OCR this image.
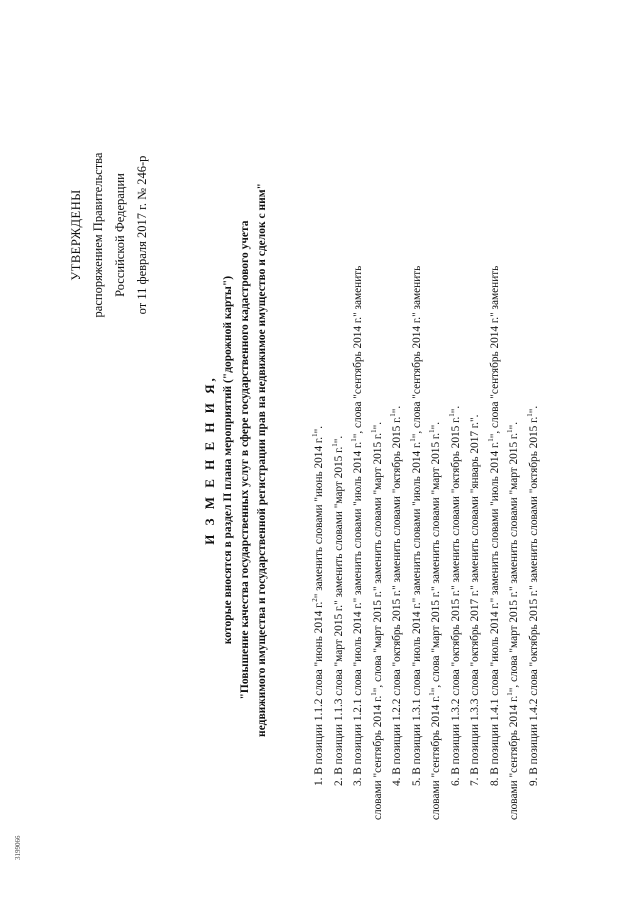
УТВЕРЖДЕНЫ распоряжением Правительства Российской Федерации от 11 февраля 2017 г. № 246-р
И З М Е Н Е Н И Я, которые вносятся в раздел II плана мероприятий ("дорожной карты") "Повышение качества государственных услуг в сфере государственного кадастрового учета недвижимого имущества и государственной регистрации прав на недвижимое имущество и сделок с ним"	1. В позиции 1.1.2 слова "июнь 2014 г.$^2$" заменить словами "июнь 2014 г.$^1$".
2. В позиции 1.1.3 слова "март 2015 г." заменить словами "март 2015 г.$^1$".
3. В позиции 1.2.1 слова "июль 2014 г." заменить словами "июль 2014 г.$^1$", слова "сентябрь 2014 г." заменить
словами "сентябрь 2014 г.$^1$", слова "март 2015 г." заменить словами "март 2015 г.$^1$". 4. В позиции 1.2.2 слова "октябрь 2015 г." заменить словами "октябрь 2015 г.$^1$".
5. В позиции 1.3.1 слова "июль 2014 г." заменить словами "июль 2014 г.$^1$", слова "сентябрь 2014 г." заменить
словами "сентябрь 2014 г.$^1$", слова "март 2015 г." заменить словами "март 2015 г.$^1$". 6. В позиции 1.3.2 слова "октябрь 2015 г." заменить словами "октябрь 2015 г.$^1$".
7. В позиции 1.3.3 слова "октябрь 2017 г." заменить словами "январь 2017 г.".
8. В позиции 1.4.1 слова "июль 2014 г." заменить словами "июль 2014 г.$^1$", слова "сентябрь 2014 г." заменить
словами "сентябрь 2014 г.$^1$", слова "март 2015 г." заменить словами "март 2015 г.$^1$". 9. В позиции 1.4.2 слова "октябрь 2015 г." заменить словами "октябрь 2015 г.$^1$".
3199066
